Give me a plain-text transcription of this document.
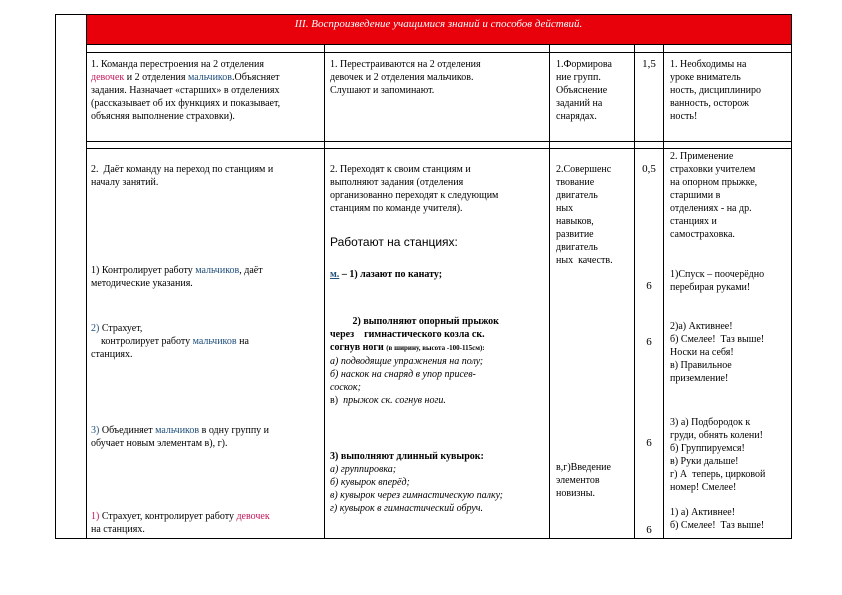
III. Воспроизведение учащимися знаний и способов действий.
1. Команда перестроения на 2 отделения
девочек и 2 отделения мальчиков.Объясняет
задания. Назначает «старших» в отделениях
(рассказывает об их функциях и показывает,
объясняя выполнение страховки).
1. Перестраиваются на 2 отделения
девочек и 2 отделения мальчиков.
Слушают и запоминают.
1.Формирова
ние групп.
Объяснение
заданий на
снарядах.
1,5	1. Необходимы на
уроке вниматель
ность, дисциплиниро
ванность, осторож
ность!
2.  Даёт команду на переход по станциям и
началу занятий.
1) Контролирует работу мальчиков, даёт
методические указания.
2) Страхует,
контролирует работу мальчиков на
станциях.
3) Объединяет мальчиков в одну группу и
обучает новым элементам в), г).
1) Страхует, контролирует работу девочек
на станциях.
2. Переходят к своим станциям и
выполняют задания (отделения
организованно переходят к следующим
станциям по команде учителя).
Работают на станциях:
м. – 1) лазают по канату;
2) выполняют опорный прыжок
через    гимнастического козла ск.
согнув ноги (в ширину, высота -100-115см):
а) подводящие упражнения на полу;
б) наскок на снаряд в упор присев-
соскок;
в)  прыжок ск. согнув ноги.
3) выполняют длинный кувырок:
а) группировка;
б) кувырок вперёд;
в) кувырок через гимнастическую палку;
г) кувырок в гимнастический обруч.
2.Совершенс
твование
двигатель
ных
навыков,
развитие
двигатель
ных  качеств.
в,г)Введение
элементов
новизны.
0,5
6
6
6
6
2. Применение
страховки учителем
на опорном прыжке,
старшими в
отделениях - на др.
станциях и
самостраховка.
1)Спуск – поочерёдно
перебирая руками!
2)а) Активнее!
б) Смелее!  Таз выше!
Носки на себя!
в) Правильное
приземление!
3) а) Подбородок к
груди, обнять колени!
б) Группируемся!
в) Руки дальше!
г) А  теперь, цирковой
номер! Смелее!
1) а) Активнее!
б) Смелее!  Таз выше!
